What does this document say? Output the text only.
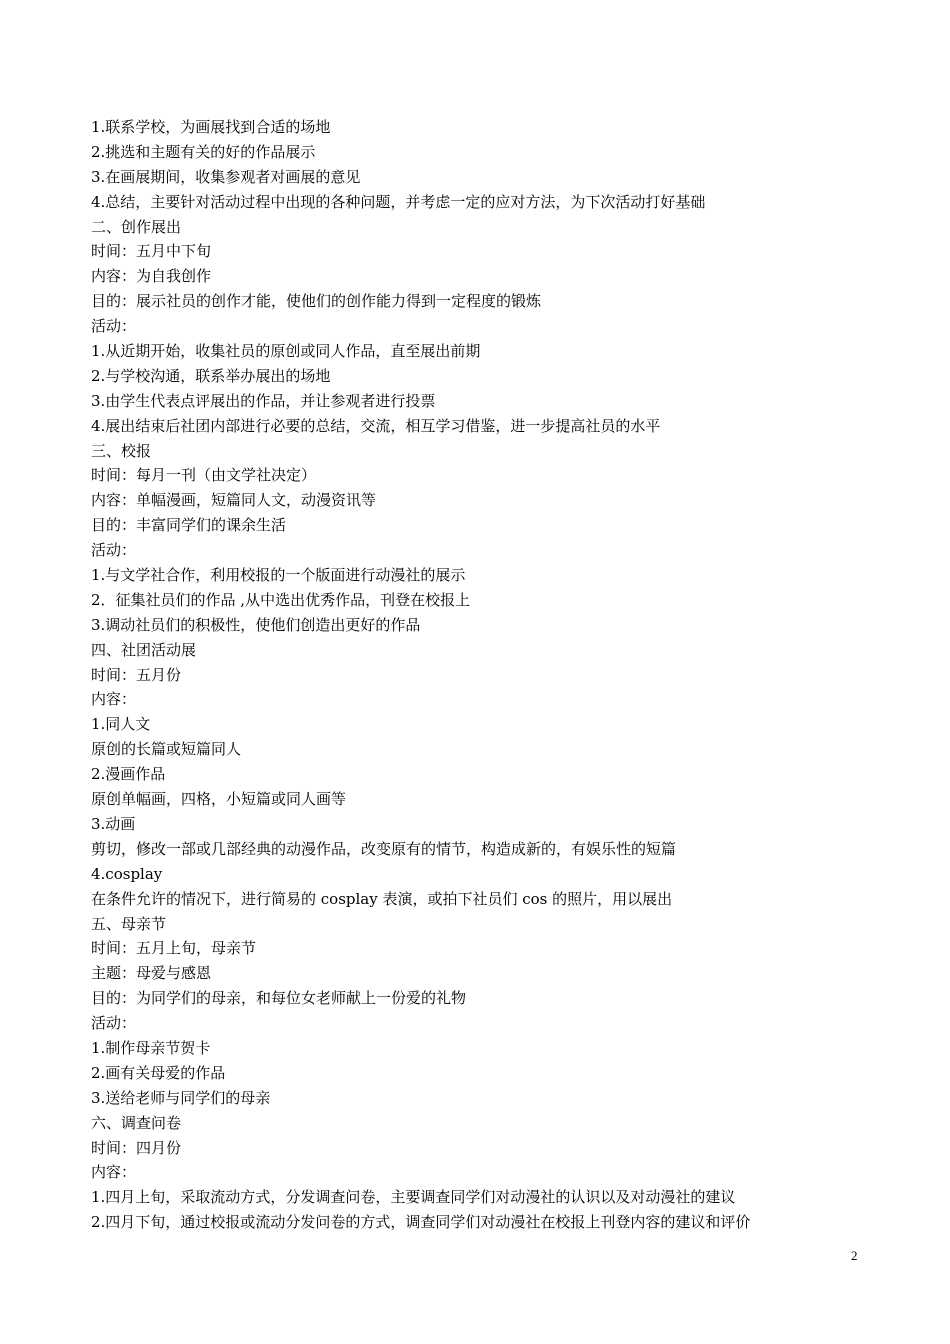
1.联系学校，为画展找到合适的场地
2.挑选和主题有关的好的作品展示
3.在画展期间，收集参观者对画展的意见
4.总结，主要针对活动过程中出现的各种问题，并考虑一定的应对方法，为下次活动打好基础
二、创作展出
时间：五月中下旬
内容：为自我创作
目的：展示社员的创作才能，使他们的创作能力得到一定程度的锻炼
活动：
1.从近期开始，收集社员的原创或同人作品，直至展出前期
2.与学校沟通，联系举办展出的场地
3.由学生代表点评展出的作品，并让参观者进行投票
4.展出结束后社团内部进行必要的总结，交流，相互学习借鉴，进一步提高社员的水平
三、校报
时间：每月一刊（由文学社决定）
内容：单幅漫画，短篇同人文，动漫资讯等
目的：丰富同学们的课余生活
活动：
1.与文学社合作，利用校报的一个版面进行动漫社的展示
2．征集社员们的作品 ,从中选出优秀作品，刊登在校报上
3.调动社员们的积极性，使他们创造出更好的作品
四、社团活动展
时间：五月份
内容：
1.同人文
原创的长篇或短篇同人
2.漫画作品
原创单幅画，四格，小短篇或同人画等
3.动画
剪切，修改一部或几部经典的动漫作品，改变原有的情节，构造成新的，有娱乐性的短篇
4.cosplay
在条件允许的情况下，进行简易的 cosplay 表演，或拍下社员们 cos 的照片，用以展出
五、母亲节
时间：五月上旬，母亲节
主题：母爱与感恩
目的：为同学们的母亲，和每位女老师献上一份爱的礼物
活动：
1.制作母亲节贺卡
2.画有关母爱的作品
3.送给老师与同学们的母亲
六、调查问卷
时间：四月份
内容：
1.四月上旬，采取流动方式，分发调查问卷，主要调查同学们对动漫社的认识以及对动漫社的建议
2.四月下旬，通过校报或流动分发问卷的方式，调查同学们对动漫社在校报上刊登内容的建议和评价
2
